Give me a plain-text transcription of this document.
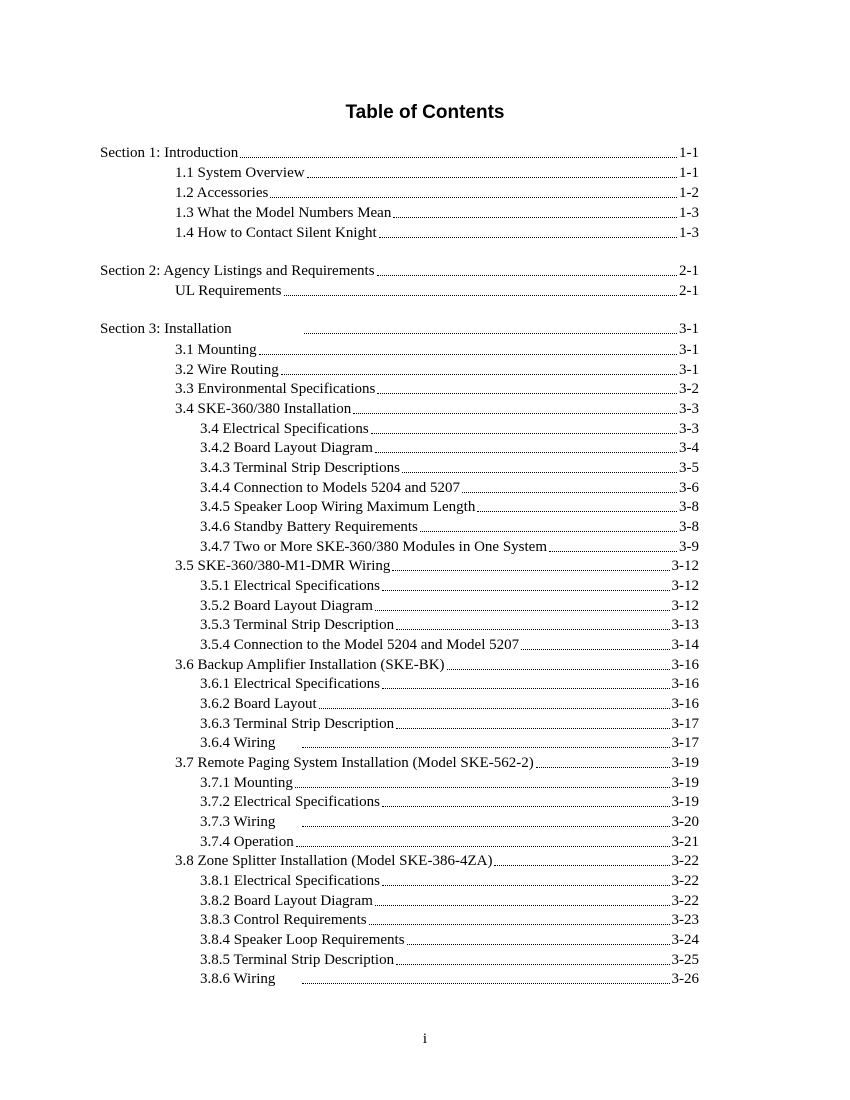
Table of Contents
Section 1: Introduction	1-1
1.1 System Overview	1-1
1.2 Accessories	1-2
1.3 What the Model Numbers Mean	1-3
1.4 How to Contact Silent Knight	1-3
Section 2: Agency Listings and Requirements	2-1
UL Requirements	2-1
Section 3: Installation	3-1
3.1 Mounting	3-1
3.2 Wire Routing	3-1
3.3 Environmental Specifications	3-2
3.4 SKE-360/380 Installation	3-3
3.4 Electrical Specifications	3-3
3.4.2 Board Layout Diagram	3-4
3.4.3 Terminal Strip Descriptions	3-5
3.4.4 Connection to Models 5204 and 5207	3-6
3.4.5 Speaker Loop Wiring Maximum Length	3-8
3.4.6 Standby Battery Requirements	3-8
3.4.7 Two or More SKE-360/380 Modules in One System	3-9
3.5 SKE-360/380-M1-DMR Wiring	3-12
3.5.1 Electrical Specifications	3-12
3.5.2 Board Layout Diagram	3-12
3.5.3 Terminal Strip Description	3-13
3.5.4 Connection to the Model 5204 and Model 5207	3-14
3.6 Backup Amplifier Installation (SKE-BK)	3-16
3.6.1 Electrical Specifications	3-16
3.6.2 Board Layout	3-16
3.6.3 Terminal Strip Description	3-17
3.6.4 Wiring	3-17
3.7 Remote Paging System Installation (Model SKE-562-2)	3-19
3.7.1 Mounting	3-19
3.7.2 Electrical Specifications	3-19
3.7.3 Wiring	3-20
3.7.4 Operation	3-21
3.8 Zone Splitter Installation (Model SKE-386-4ZA)	3-22
3.8.1 Electrical Specifications	3-22
3.8.2 Board Layout Diagram	3-22
3.8.3 Control Requirements	3-23
3.8.4 Speaker Loop Requirements	3-24
3.8.5 Terminal Strip Description	3-25
3.8.6 Wiring	3-26
i
